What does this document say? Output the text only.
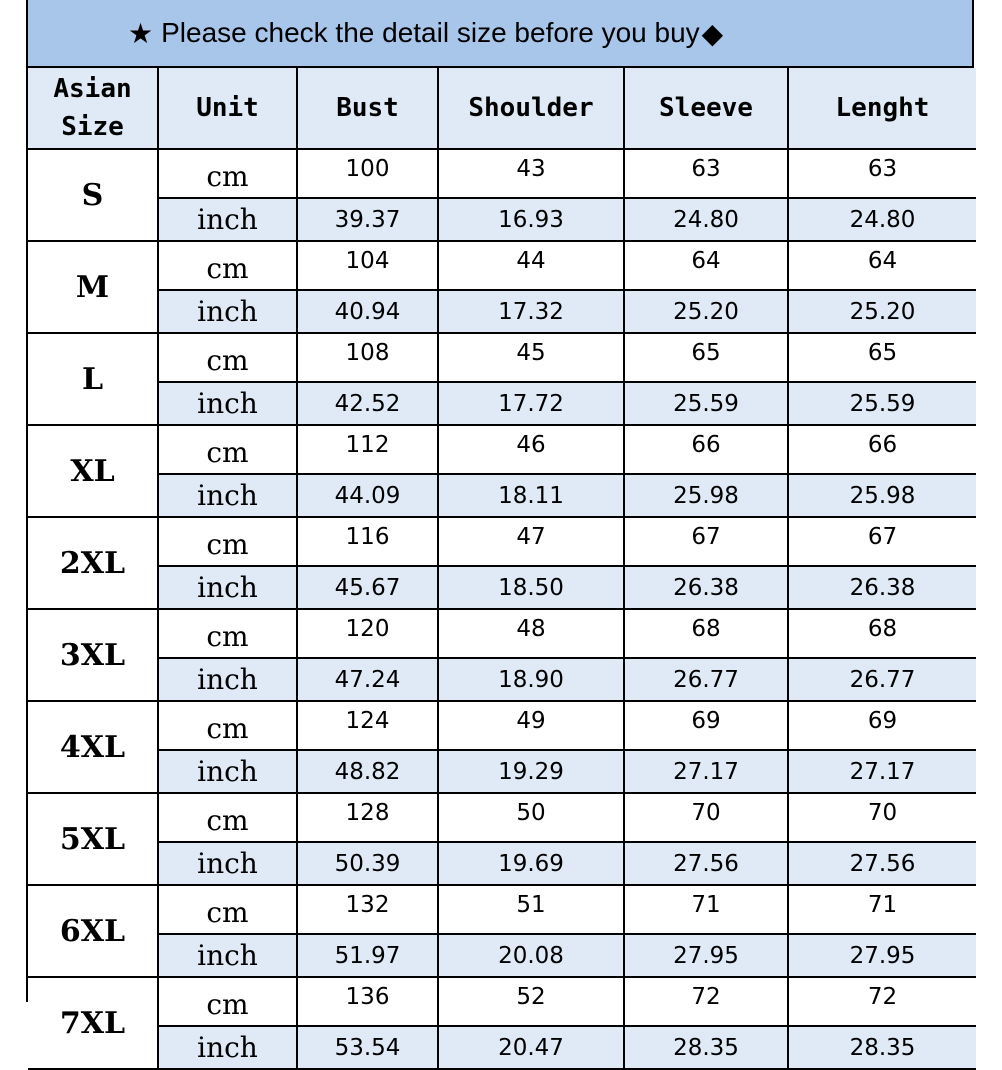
★ Please check the detail size before you buy ◆
Asian
Size	Unit	Bust	Shoulder	Sleeve	Lenght
S	cm	100	43	63	63
	inch	39.37	16.93	24.80	24.80
M	cm	104	44	64	64
	inch	40.94	17.32	25.20	25.20
L	cm	108	45	65	65
	inch	42.52	17.72	25.59	25.59
XL	cm	112	46	66	66
	inch	44.09	18.11	25.98	25.98
2XL	cm	116	47	67	67
	inch	45.67	18.50	26.38	26.38
3XL	cm	120	48	68	68
	inch	47.24	18.90	26.77	26.77
4XL	cm	124	49	69	69
	inch	48.82	19.29	27.17	27.17
5XL	cm	128	50	70	70
	inch	50.39	19.69	27.56	27.56
6XL	cm	132	51	71	71
	inch	51.97	20.08	27.95	27.95
7XL	cm	136	52	72	72
	inch	53.54	20.47	28.35	28.35
